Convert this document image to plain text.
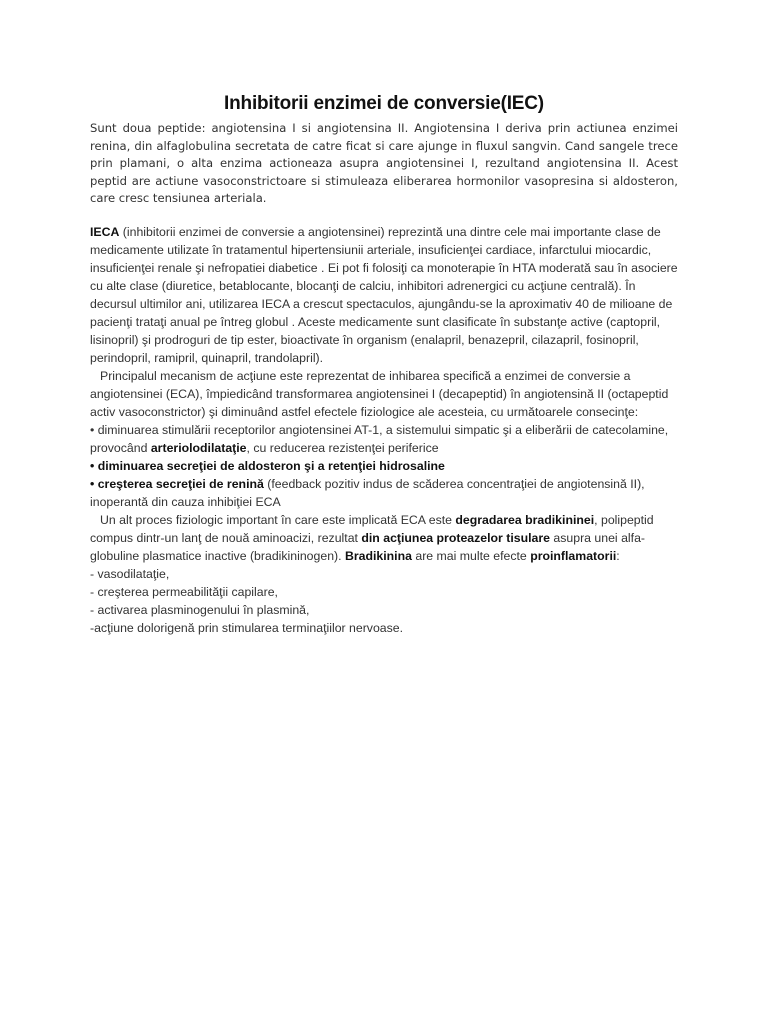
Inhibitorii enzimei de conversie(IEC)
Sunt doua peptide: angiotensina I si angiotensina II. Angiotensina I deriva prin actiunea enzimei renina, din alfaglobulina secretata de catre ficat si care ajunge in fluxul sangvin. Cand sangele trece prin plamani, o alta enzima actioneaza asupra angiotensinei I, rezultand angiotensina II. Acest peptid are actiune vasoconstrictoare si stimuleaza eliberarea hormonilor vasopresina si aldosteron, care cresc tensiunea arteriala.

IECA (inhibitorii enzimei de conversie a angiotensinei) reprezintă una dintre cele mai importante clase de medicamente utilizate în tratamentul hipertensiunii arteriale, insuficienţei cardiace, infarctului miocardic, insuficienţei renale şi nefropatiei diabetice . Ei pot fi folosiţi ca monoterapie în HTA moderată sau în asociere cu alte clase (diuretice, betablocante, blocanţi de calciu, inhibitori adrenergici cu acţiune centrală). În decursul ultimilor ani, utilizarea IECA a crescut spectaculos, ajungându-se la aproximativ 40 de milioane de pacienţi trataţi anual pe întreg globul . Aceste medicamente sunt clasificate în substanţe active (captopril, lisinopril) şi prodroguri de tip ester, bioactivate în organism (enalapril, benazepril, cilazapril, fosinopril, perindopril, ramipril, quinapril, trandolapril).

Principalul mecanism de acţiune este reprezentat de inhibarea specifică a enzimei de conversie a angiotensinei (ECA), împiedicând transformarea angiotensinei I (decapeptid) în angiotensină II (octapeptid activ vasoconstrictor) şi diminuând astfel efectele fiziologice ale acesteia, cu următoarele consecinţe:

• diminuarea stimulării receptorilor angiotensinei AT-1, a sistemului simpatic şi a eliberării de catecolamine, provocând arteriolodilataţie, cu reducerea rezistenţei periferice

• diminuarea secreţiei de aldosteron şi a retenţiei hidrosaline

• creşterea secreţiei de renină (feedback pozitiv indus de scăderea concentraţiei de angiotensină II), inoperantă din cauza inhibiţiei ECA

Un alt proces fiziologic important în care este implicată ECA este degradarea bradikininei, polipeptid compus dintr-un lanţ de nouă aminoacizi, rezultat din acţiunea proteazelor tisulare asupra unei alfa-globuline plasmatice inactive (bradikininogen). Bradikinina are mai multe efecte proinflamatorii:

- vasodilataţie,

- creşterea permeabilităţii capilare,

- activarea plasminogenului în plasmină,

-acţiune dolorigenă prin stimularea terminaţiilor nervoase.
